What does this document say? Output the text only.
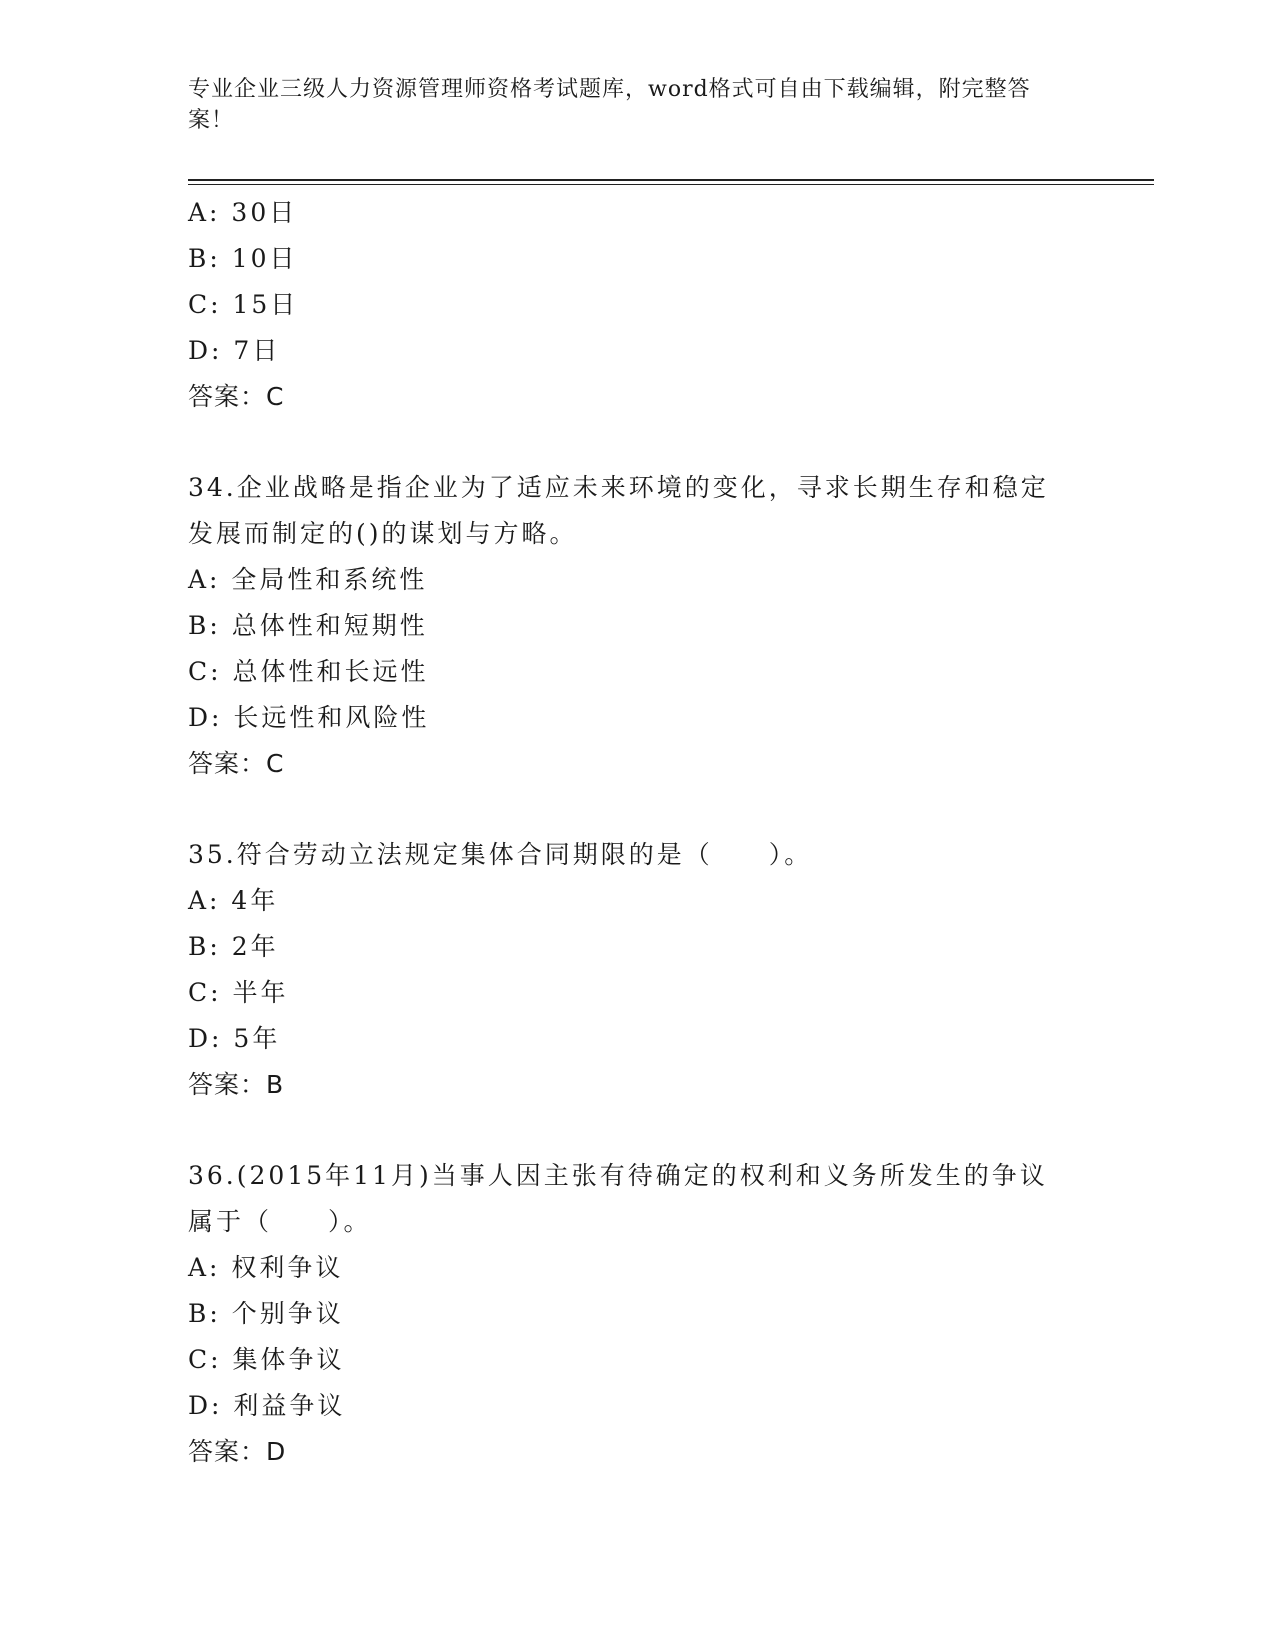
专业企业三级人力资源管理师资格考试题库，word格式可自由下载编辑，附完整答案！
A: 30日
B: 10日
C: 15日
D: 7日
答案：C
34.企业战略是指企业为了适应未来环境的变化，寻求长期生存和稳定
发展而制定的()的谋划与方略。
A: 全局性和系统性
B: 总体性和短期性
C: 总体性和长远性
D: 长远性和风险性
答案：C
35.符合劳动立法规定集体合同期限的是（　　）。
A: 4年
B: 2年
C: 半年
D: 5年
答案：B
36.(2015年11月)当事人因主张有待确定的权利和义务所发生的争议
属于（　　）。
A: 权利争议
B: 个别争议
C: 集体争议
D: 利益争议
答案：D
